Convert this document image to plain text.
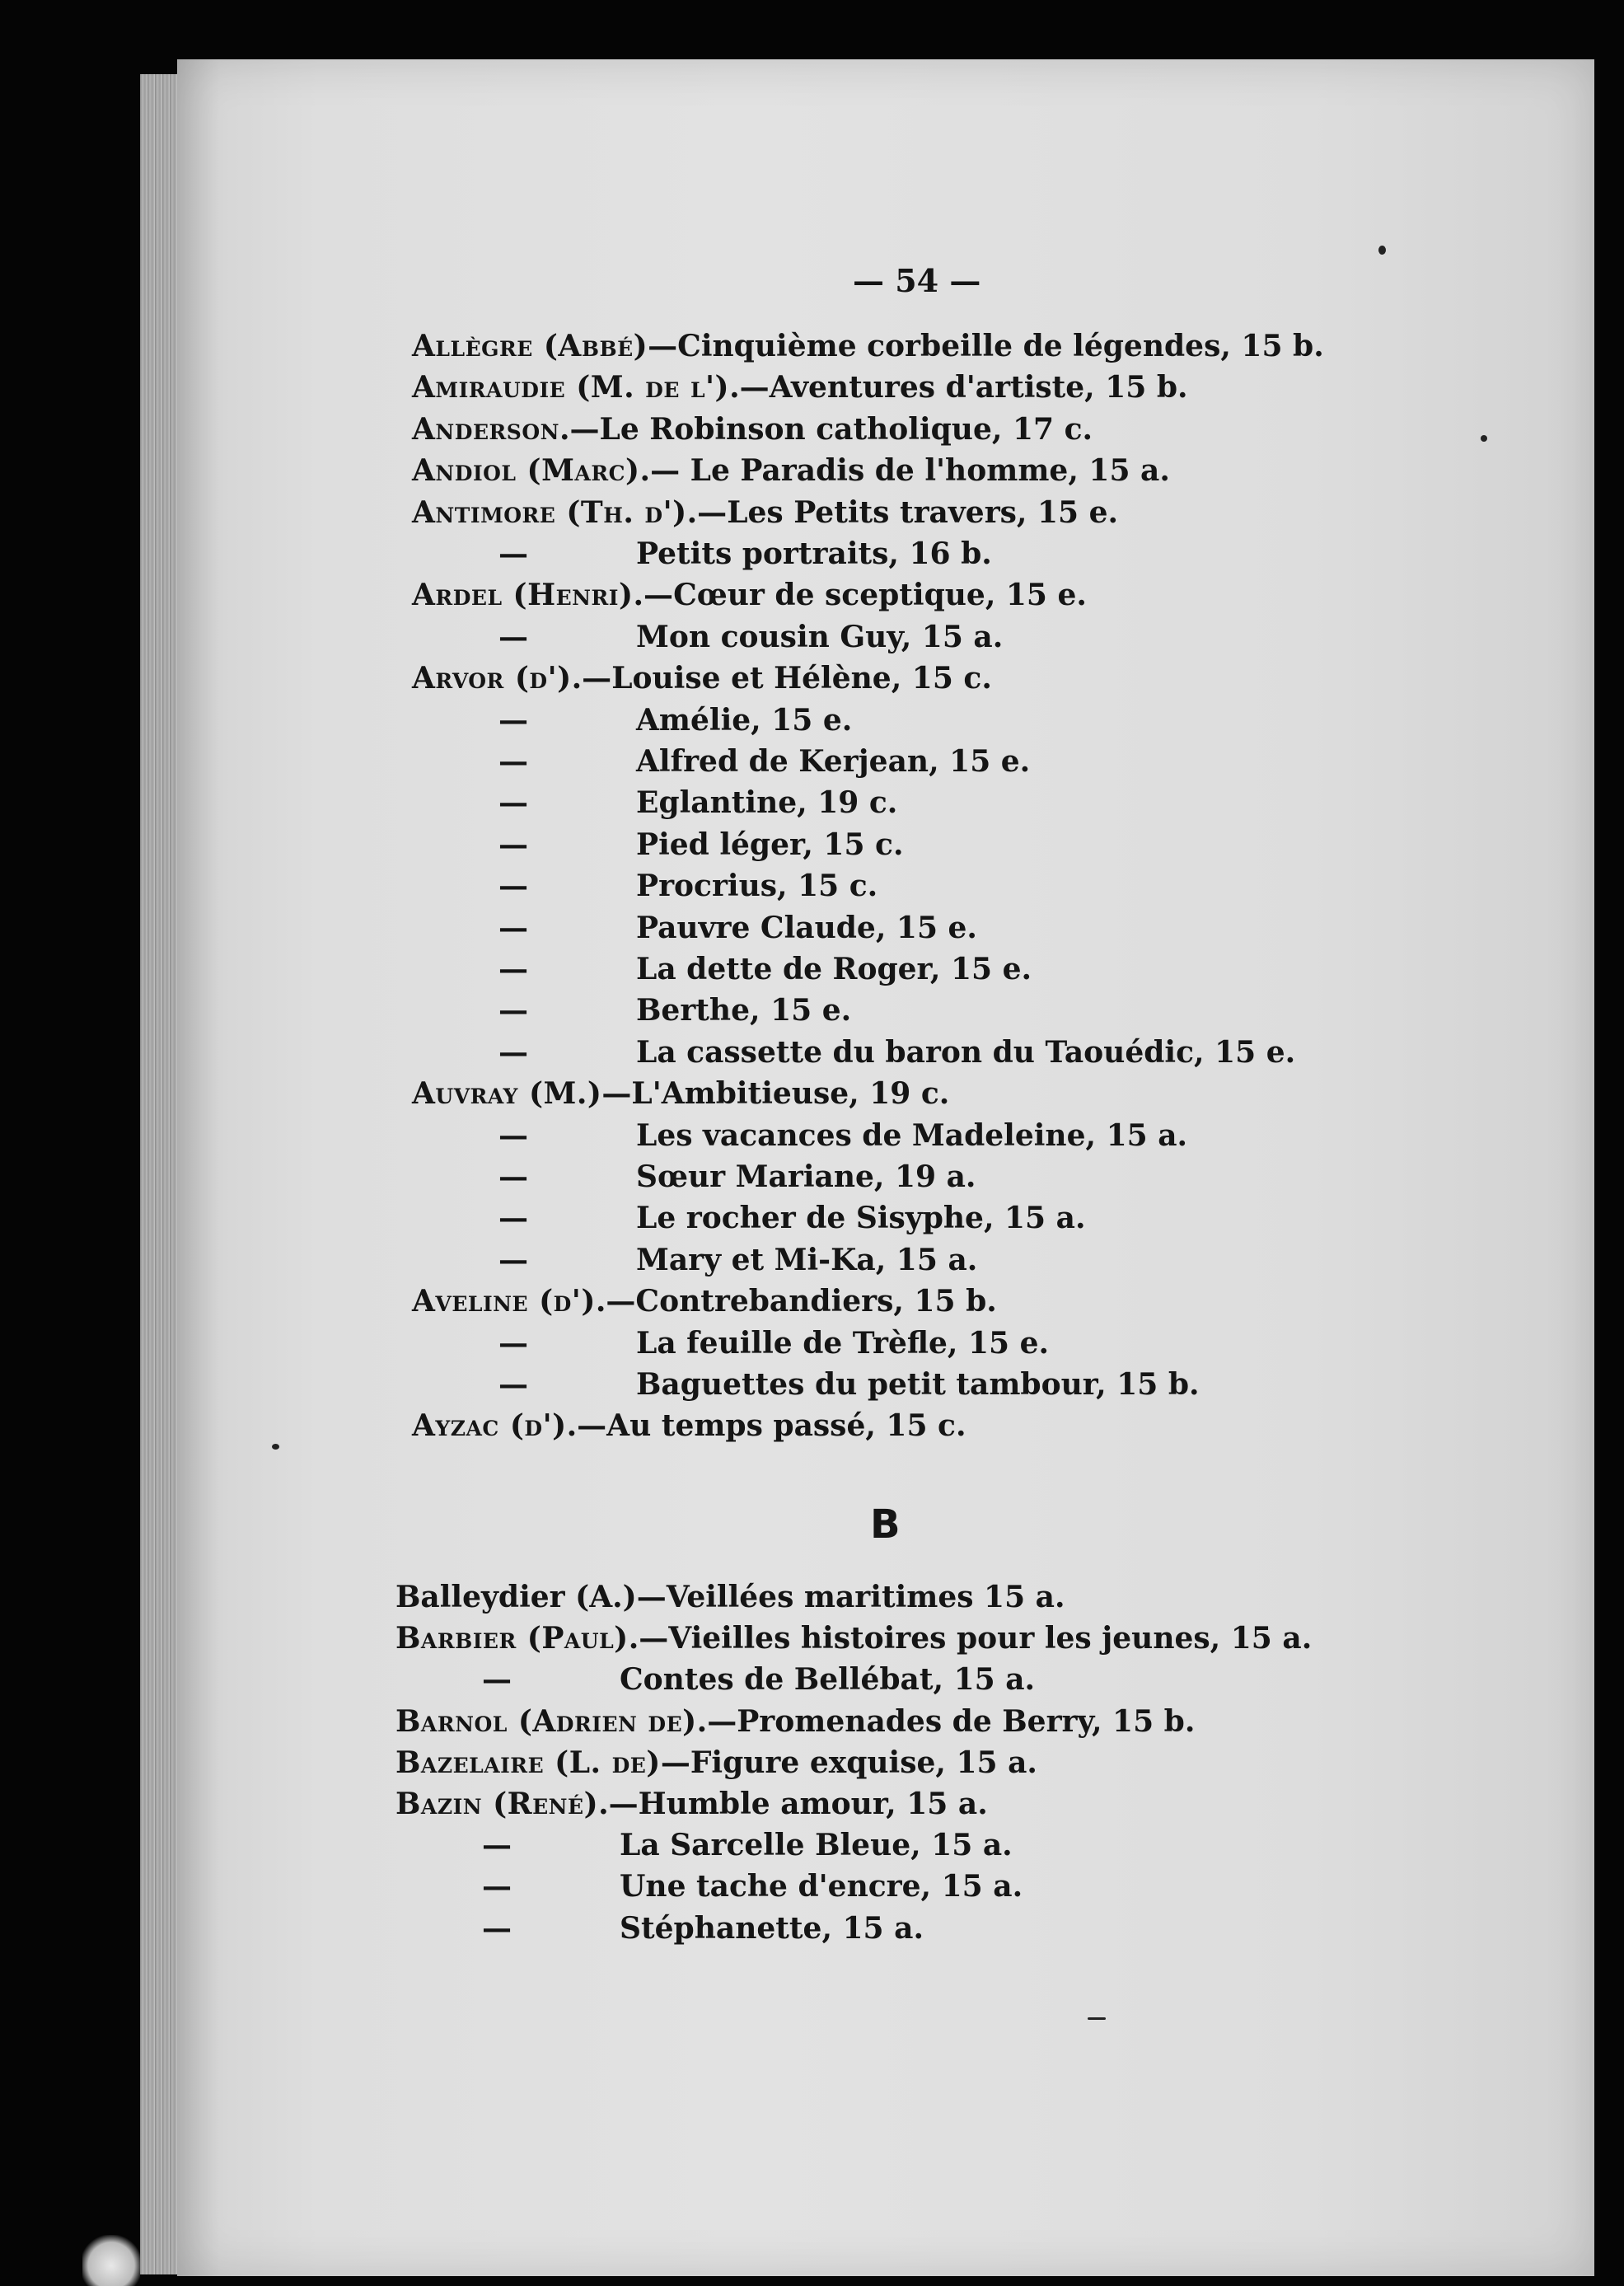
— 54 —
B
Allègre (Abbé)—Cinquième corbeille de légendes, 15 b.
Amiraudie (M. de l').—Aventures d'artiste, 15 b.
Anderson.—Le Robinson catholique, 17 c.
Andiol (Marc).— Le Paradis de l'homme, 15 a.
Antimore (Th. d').—Les Petits travers, 15 e.
—	Petits portraits, 16 b.
Ardel (Henri).—Cœur de sceptique, 15 e.
—	Mon cousin Guy, 15 a.
Arvor (d').—Louise et Hélène, 15 c.
—	Amélie, 15 e.
—	Alfred de Kerjean, 15 e.
—	Eglantine, 19 c.
—	Pied léger, 15 c.
—	Procrius, 15 c.
—	Pauvre Claude, 15 e.
—	La dette de Roger, 15 e.
—	Berthe, 15 e.
—	La cassette du baron du Taouédic, 15 e.
Auvray (M.)—L'Ambitieuse, 19 c.
—	Les vacances de Madeleine, 15 a.
—	Sœur Mariane, 19 a.
—	Le rocher de Sisyphe, 15 a.
—	Mary et Mi-Ka, 15 a.
Aveline (d').—Contrebandiers, 15 b.
—	La feuille de Trèfle, 15 e.
—	Baguettes du petit tambour, 15 b.
Ayzac (d').—Au temps passé, 15 c.
Balleydier (A.)—Veillées maritimes 15 a.
Barbier (Paul).—Vieilles histoires pour les jeunes, 15 a.
—	Contes de Bellébat, 15 a.
Barnol (Adrien de).—Promenades de Berry, 15 b.
Bazelaire (L. de)—Figure exquise, 15 a.
Bazin (René).—Humble amour, 15 a.
—	La Sarcelle Bleue, 15 a.
—	Une tache d'encre, 15 a.
—	Stéphanette, 15 a.
